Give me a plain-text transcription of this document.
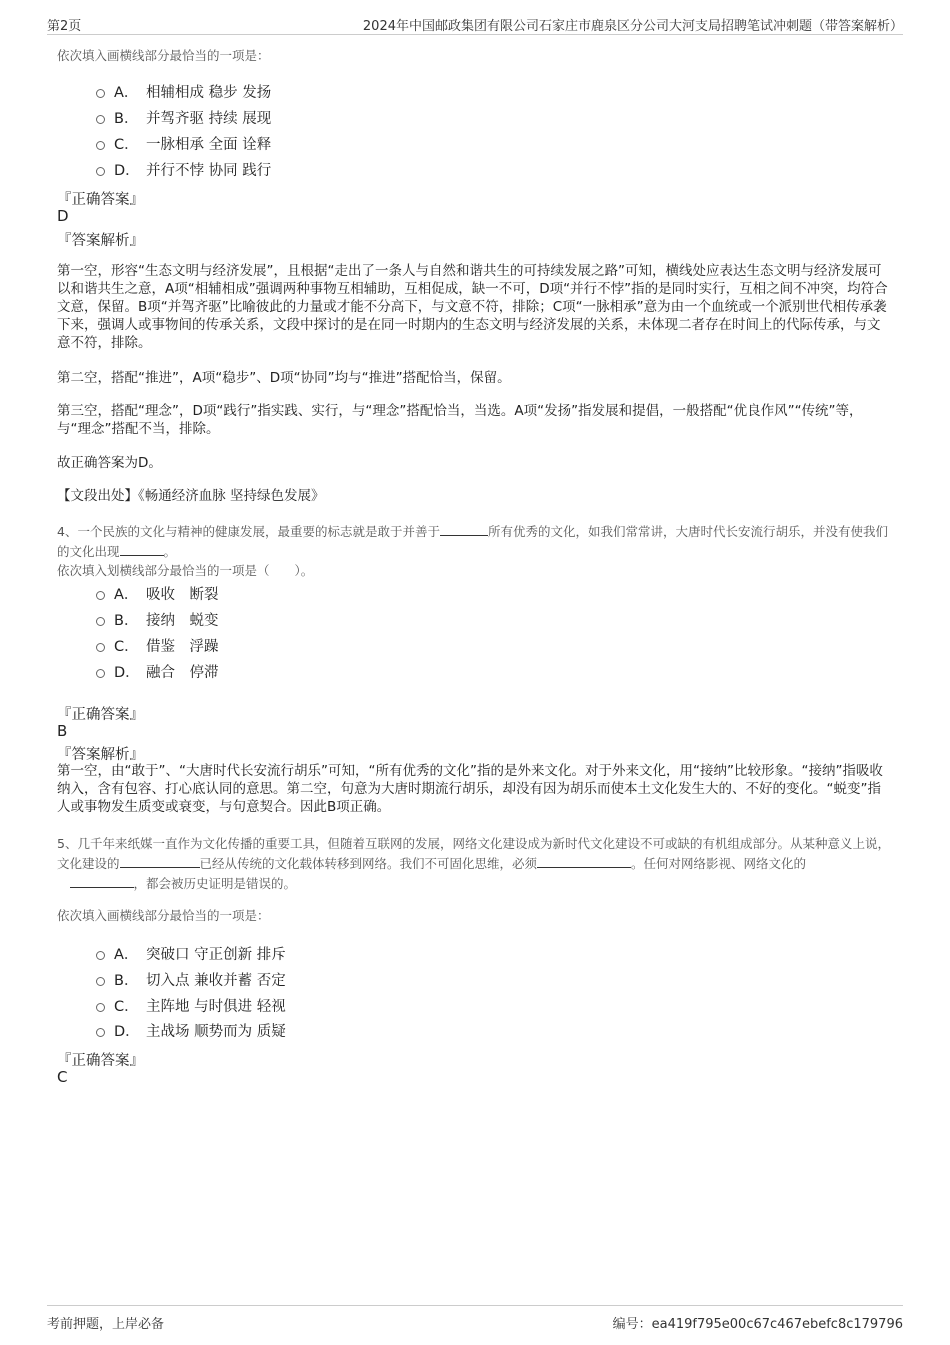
第2页	2024年中国邮政集团有限公司石家庄市鹿泉区分公司大河支局招聘笔试冲刺题（带答案解析）
依次填入画横线部分最恰当的一项是：
A． 相辅相成 稳步 发扬
B． 并驾齐驱 持续 展现
C． 一脉相承 全面 诠释
D． 并行不悖 协同 践行
『正确答案』
D
『答案解析』
第一空，形容“生态文明与经济发展”，且根据“走出了一条人与自然和谐共生的可持续发展之路”可知，横线处应表达生态文明与经济发展可以和谐共生之意，A项“相辅相成”强调两种事物互相辅助，互相促成，缺一不可，D项“并行不悖”指的是同时实行，互相之间不冲突，均符合文意，保留。B项“并驾齐驱”比喻彼此的力量或才能不分高下，与文意不符，排除；C项“一脉相承”意为由一个血统或一个派别世代相传承袭下来，强调人或事物间的传承关系，文段中探讨的是在同一时期内的生态文明与经济发展的关系，未体现二者存在时间上的代际传承，与文意不符，排除。
第二空，搭配“推进”，A项“稳步”、D项“协同”均与“推进”搭配恰当，保留。
第三空，搭配“理念”，D项“践行”指实践、实行，与“理念”搭配恰当，当选。A项“发扬”指发展和提倡，一般搭配“优良作风”“传统”等，与“理念”搭配不当，排除。
故正确答案为D。
【文段出处】《畅通经济血脉 坚持绿色发展》
4、一个民族的文化与精神的健康发展，最重要的标志就是敢于并善于	所有优秀的文化，如我们常常讲，大唐时代长安流行胡乐，并没有使我们的文化出现	。
依次填入划横线部分最恰当的一项是（　　）。
A． 吸收　断裂
B． 接纳　蜕变
C． 借鉴　浮躁
D． 融合　停滞
『正确答案』
B
『答案解析』
第一空，由“敢于”、“大唐时代长安流行胡乐”可知，“所有优秀的文化”指的是外来文化。对于外来文化，用“接纳”比较形象。“接纳”指吸收纳入，含有包容、打心底认同的意思。第二空，句意为大唐时期流行胡乐，却没有因为胡乐而使本土文化发生大的、不好的变化。“蜕变”指人或事物发生质变或衰变，与句意契合。因此B项正确。
5、几千年来纸媒一直作为文化传播的重要工具，但随着互联网的发展，网络文化建设成为新时代文化建设不可或缺的有机组成部分。从某种意义上说，文化建设的	已经从传统的文化载体转移到网络。我们不可固化思维，必须	。任何对网络影视、网络文化的
，都会被历史证明是错误的。
依次填入画横线部分最恰当的一项是：
A． 突破口 守正创新 排斥
B． 切入点 兼收并蓄 否定
C． 主阵地 与时俱进 轻视
D． 主战场 顺势而为 质疑
『正确答案』
C
考前押题，上岸必备	编号：ea419f795e00c67c467ebefc8c179796
